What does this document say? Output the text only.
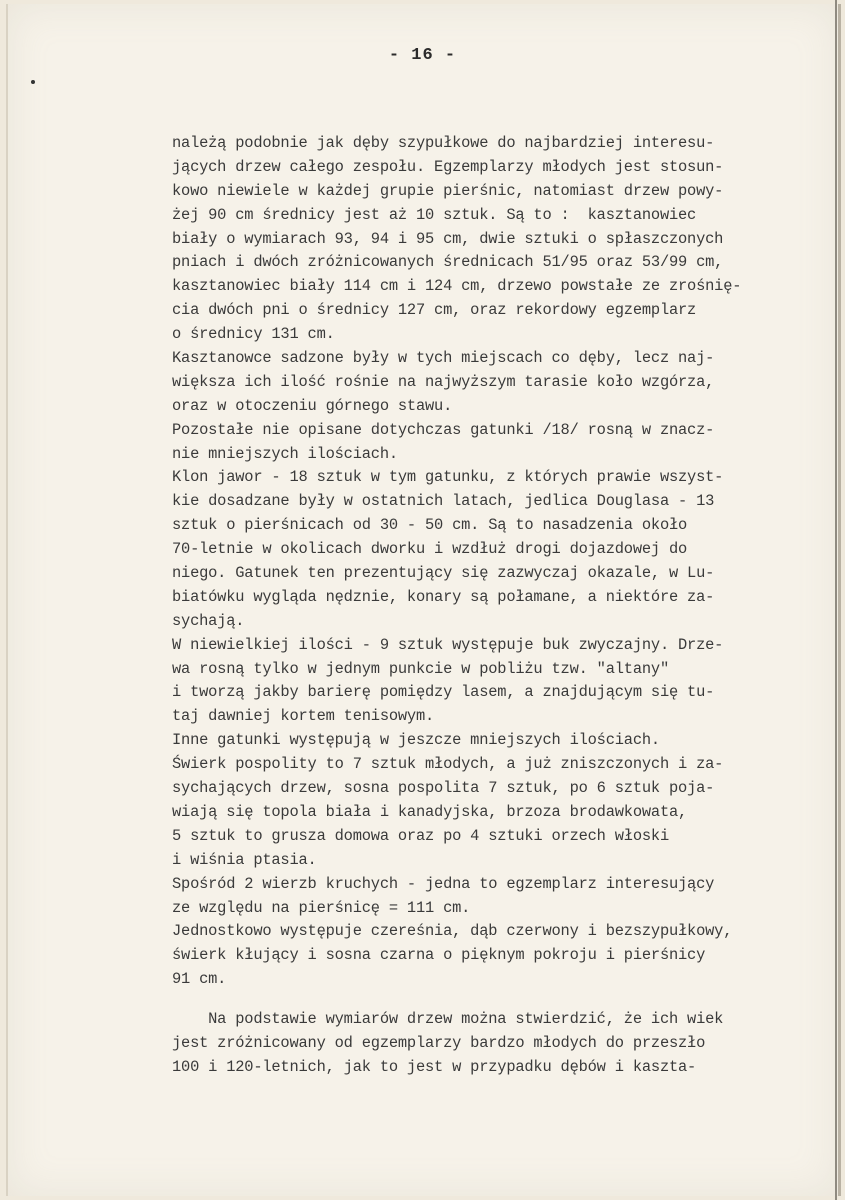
- 16 -
należą podobnie jak dęby szypułkowe do najbardziej interesu-
jących drzew całego zespołu. Egzemplarzy młodych jest stosun-
kowo niewiele w każdej grupie pierśnic, natomiast drzew powy-
żej 90 cm średnicy jest aż 10 sztuk. Są to :  kasztanowiec
biały o wymiarach 93, 94 i 95 cm, dwie sztuki o spłaszczonych
pniach i dwóch zróżnicowanych średnicach 51/95 oraz 53/99 cm,
kasztanowiec biały 114 cm i 124 cm, drzewo powstałe ze zrośnię-
cia dwóch pni o średnicy 127 cm, oraz rekordowy egzemplarz
o średnicy 131 cm.
Kasztanowce sadzone były w tych miejscach co dęby, lecz naj-
większa ich ilość rośnie na najwyższym tarasie koło wzgórza,
oraz w otoczeniu górnego stawu.
Pozostałe nie opisane dotychczas gatunki /18/ rosną w znacz-
nie mniejszych ilościach.
Klon jawor - 18 sztuk w tym gatunku, z których prawie wszyst-
kie dosadzane były w ostatnich latach, jedlica Douglasa - 13
sztuk o pierśnicach od 30 - 50 cm. Są to nasadzenia około
70-letnie w okolicach dworku i wzdłuż drogi dojazdowej do
niego. Gatunek ten prezentujący się zazwyczaj okazale, w Lu-
biatówku wygląda nędznie, konary są połamane, a niektóre za-
sychają.
W niewielkiej ilości - 9 sztuk występuje buk zwyczajny. Drze-
wa rosną tylko w jednym punkcie w pobliżu tzw. "altany"
i tworzą jakby barierę pomiędzy lasem, a znajdującym się tu-
taj dawniej kortem tenisowym.
Inne gatunki występują w jeszcze mniejszych ilościach.
Świerk pospolity to 7 sztuk młodych, a już zniszczonych i za-
sychających drzew, sosna pospolita 7 sztuk, po 6 sztuk poja-
wiają się topola biała i kanadyjska, brzoza brodawkowata,
5 sztuk to grusza domowa oraz po 4 sztuki orzech włoski
i wiśnia ptasia.
Spośród 2 wierzb kruchych - jedna to egzemplarz interesujący
ze względu na pierśnicę = 111 cm.
Jednostkowo występuje czereśnia, dąb czerwony i bezszypułkowy,
świerk kłujący i sosna czarna o pięknym pokroju i pierśnicy
91 cm.
Na podstawie wymiarów drzew można stwierdzić, że ich wiek
jest zróżnicowany od egzemplarzy bardzo młodych do przeszło
100 i 120-letnich, jak to jest w przypadku dębów i kaszta-
